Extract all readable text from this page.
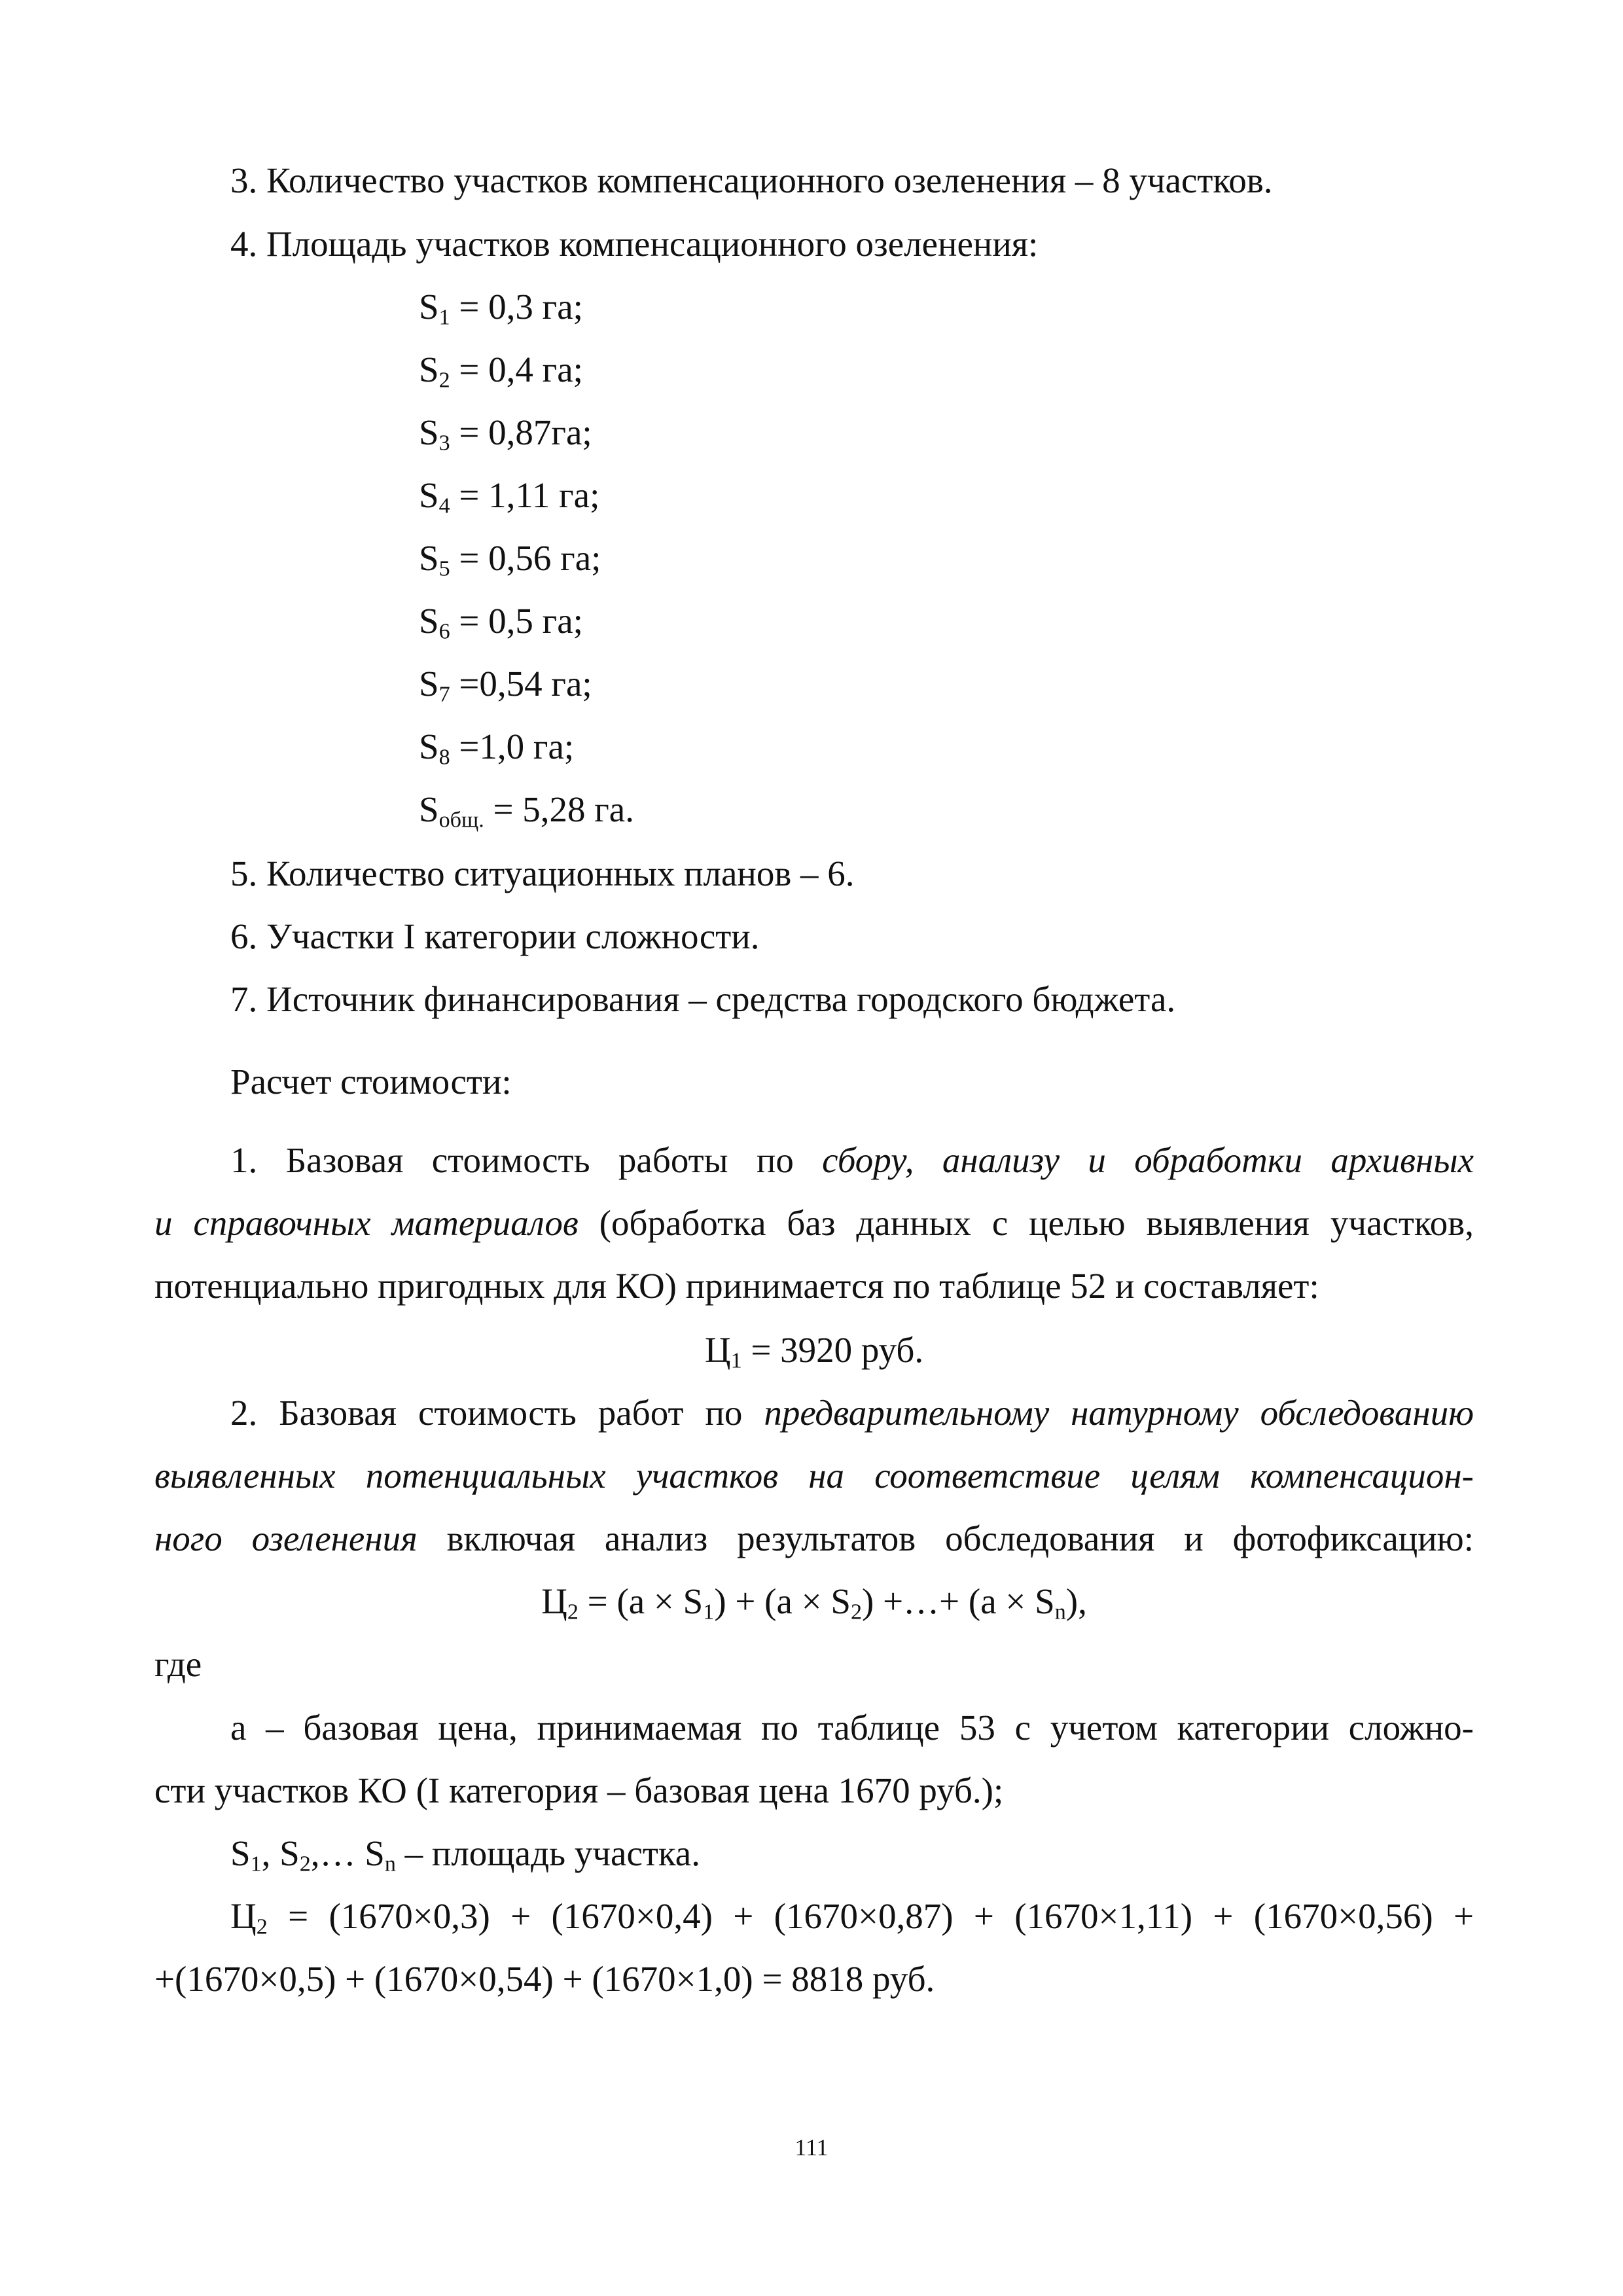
3. Количество участков компенсационного озеленения – 8 участков.
4. Площадь участков компенсационного озеленения:
$S_1 = 0,3$ га;
$S_2 = 0,4$ га;
$S_3 = 0,87га$;
$S_4 = 1,11$ га;
$S_5 = 0,56$ га;
$S_6 = 0,5$ га;
$S_7 =0,54$ га;
$S_8 =1,0$ га;
$S_{общ.} = 5,28$ га.
5. Количество ситуационных планов – 6.
6. Участки I категории сложности.
7. Источник финансирования – средства городского бюджета.
Расчет стоимости:
1. Базовая стоимость работы по сбору, анализу и обработки архивных
и справочных материалов (обработка баз данных с целью выявления участков,
потенциально пригодных для КО) принимается по таблице 52 и составляет:
$Ц_1 = 3920$ руб.
2. Базовая стоимость работ по предварительному натурному обследованию
выявленных потенциальных участков на соответствие целям компенсацион-
ного озеленения включая анализ результатов обследования и фотофиксацию:
$Ц_2 = (a \times S_1) + (a \times S_2)$ +…+ $(a \times S_n)$,
где
a – базовая цена, принимаемая по таблице 53 с учетом категории сложно-
сти участков КО (I категория – базовая цена 1670 руб.);
$S_1$, $S_2,\dots$ $S_n$ – площадь участка.
$Ц_2 = (1670\times 0,3) + (1670\times 0,4) + (1670\times 0,87) + (1670\times 1,11) + (1670\times 0,56)$ +
+(1670×0,5) + (1670×0,54) + (1670×1,0) = 8818 руб.
111
